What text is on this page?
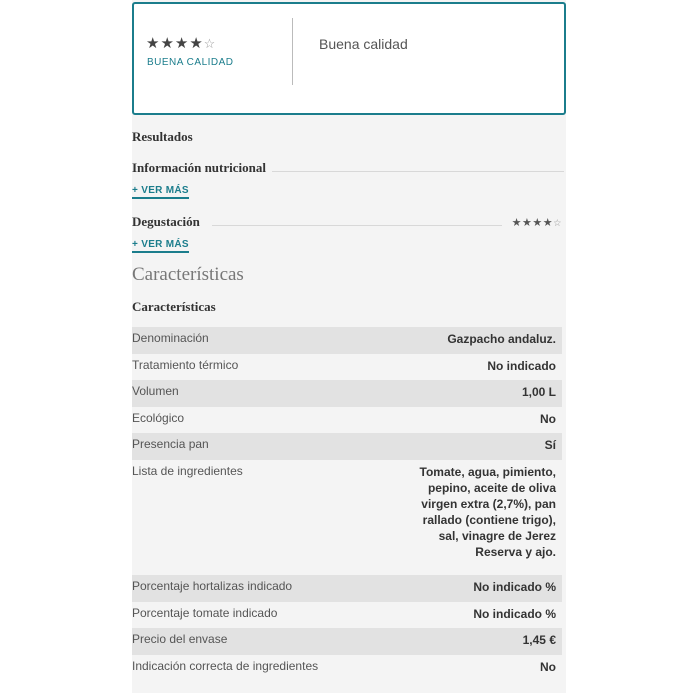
★★★★☆
BUENA CALIDAD
Buena calidad
Resultados
Información nutricional
+ VER MÁS
Degustación	★★★★☆
+ VER MÁS
Características
Características
Denominación	Gazpacho andaluz.
Tratamiento térmico	No indicado
Volumen	1,00 L
Ecológico	No
Presencia pan	Sí
Lista de ingredientes	Tomate, agua, pimiento, pepino, aceite de oliva virgen extra (2,7%), pan rallado (contiene trigo), sal, vinagre de Jerez Reserva y ajo.
Porcentaje hortalizas indicado	No indicado %
Porcentaje tomate indicado	No indicado %
Precio del envase	1,45 €
Indicación correcta de ingredientes	No
